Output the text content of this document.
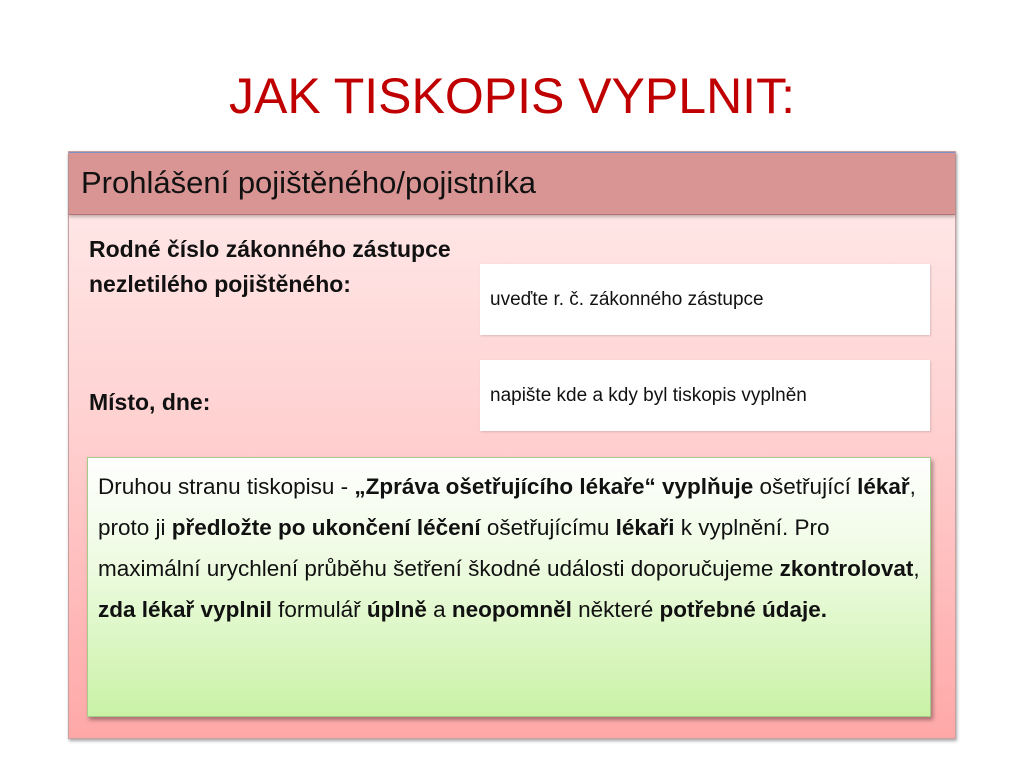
JAK TISKOPIS VYPLNIT:
Prohlášení pojištěného/pojistníka
Rodné číslo zákonného zástupce nezletilého pojištěného:
uveďte r. č. zákonného zástupce
Místo, dne:	napište kde a kdy byl tiskopis vyplněn
Druhou stranu tiskopisu - „Zpráva ošetřujícího lékaře“ vyplňuje ošetřující lékař, proto ji předložte po ukončení léčení ošetřujícímu lékaři k vyplnění. Pro maximální urychlení průběhu šetření škodné události doporučujeme zkontrolovat, zda lékař vyplnil formulář úplně a neopomněl některé potřebné údaje.
